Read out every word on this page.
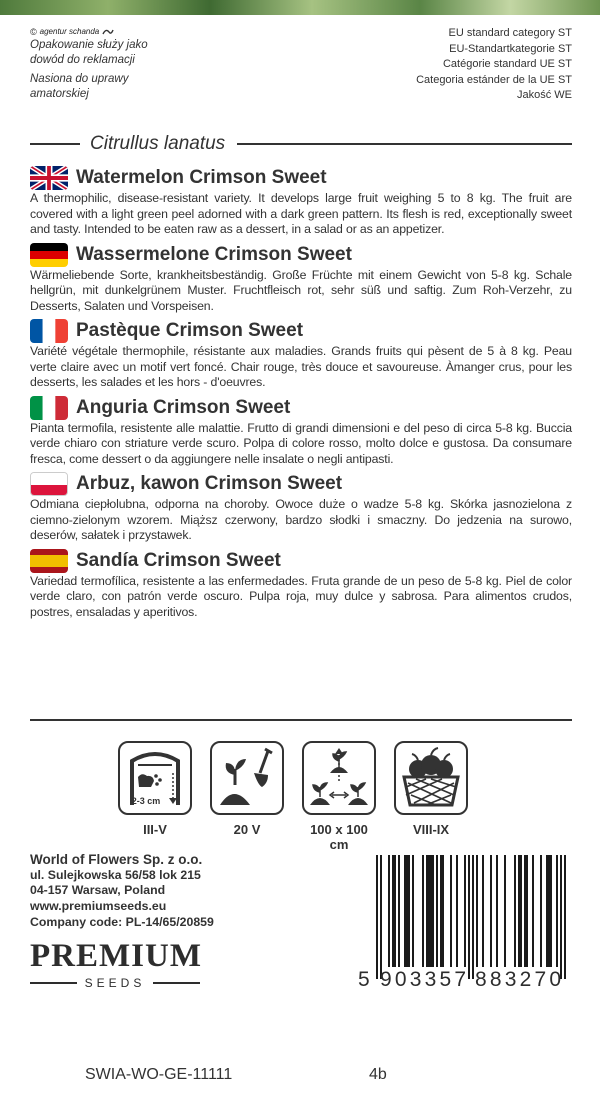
© agentur schanda
Opakowanie służy jako
dowód do reklamacji
Nasiona do uprawy
amatorskiej
EU standard category ST
EU-Standartkategorie ST
Catégorie standard UE ST
Categoria estánder de la UE ST
Jakość WE
Citrullus lanatus
Watermelon Crimson Sweet
A thermophilic, disease-resistant variety. It develops large fruit weighing 5 to 8 kg. The fruit are covered with a light green peel adorned with a dark green pattern. Its flesh is red, exceptionally sweet and tasty. Intended to be eaten raw as a dessert, in a salad or as an appetizer.
Wassermelone Crimson Sweet
Wärmeliebende Sorte, krankheitsbeständig. Große Früchte mit einem Gewicht von 5-8 kg. Schale hellgrün, mit dunkelgrünem Muster. Fruchtfleisch rot, sehr süß und saftig. Zum Roh-Verzehr, zu Desserts, Salaten und Vorspeisen.
Pastèque Crimson Sweet
Variété végétale thermophile, résistante aux maladies. Grands fruits qui pèsent de 5 à 8 kg. Peau verte claire avec un motif vert foncé. Chair rouge, très douce et savoureuse. Àmanger crus, pour les desserts, les salades et les hors - d'oeuvres.
Anguria Crimson Sweet
Pianta termofila, resistente alle malattie. Frutto di grandi dimensioni e del peso di circa 5-8 kg. Buccia verde chiaro con striature verde scuro. Polpa di colore rosso, molto dolce e gustosa. Da consumare fresca, come dessert o da aggiungere nelle insalate o negli antipasti.
Arbuz, kawon Crimson Sweet
Odmiana ciepłolubna, odporna na choroby. Owoce duże o wadze 5-8 kg. Skórka jasnozielona z ciemno-zielonym wzorem. Miąższ czerwony, bardzo słodki i smaczny. Do jedzenia na surowo, deserów, sałatek i przystawek.
Sandía Crimson Sweet
Variedad termofílica, resistente a las enfermedades. Fruta grande de un peso de 5-8 kg. Piel de color verde claro, con patrón verde oscuro. Pulpa roja, muy dulce y sabrosa. Para alimentos crudos, postres, ensaladas y aperitivos.
2-3 cm
III-V	20 V	100 x 100 cm
VIII-IX
World of Flowers Sp. z o.o.
ul. Sulejkowska 56/58 lok 215
04-157 Warsaw, Poland
www.premiumseeds.eu
Company code: PL-14/65/20859
PREMIUM
SEEDS	5 903357 883270
SWIA-WO-GE-11111	4b
